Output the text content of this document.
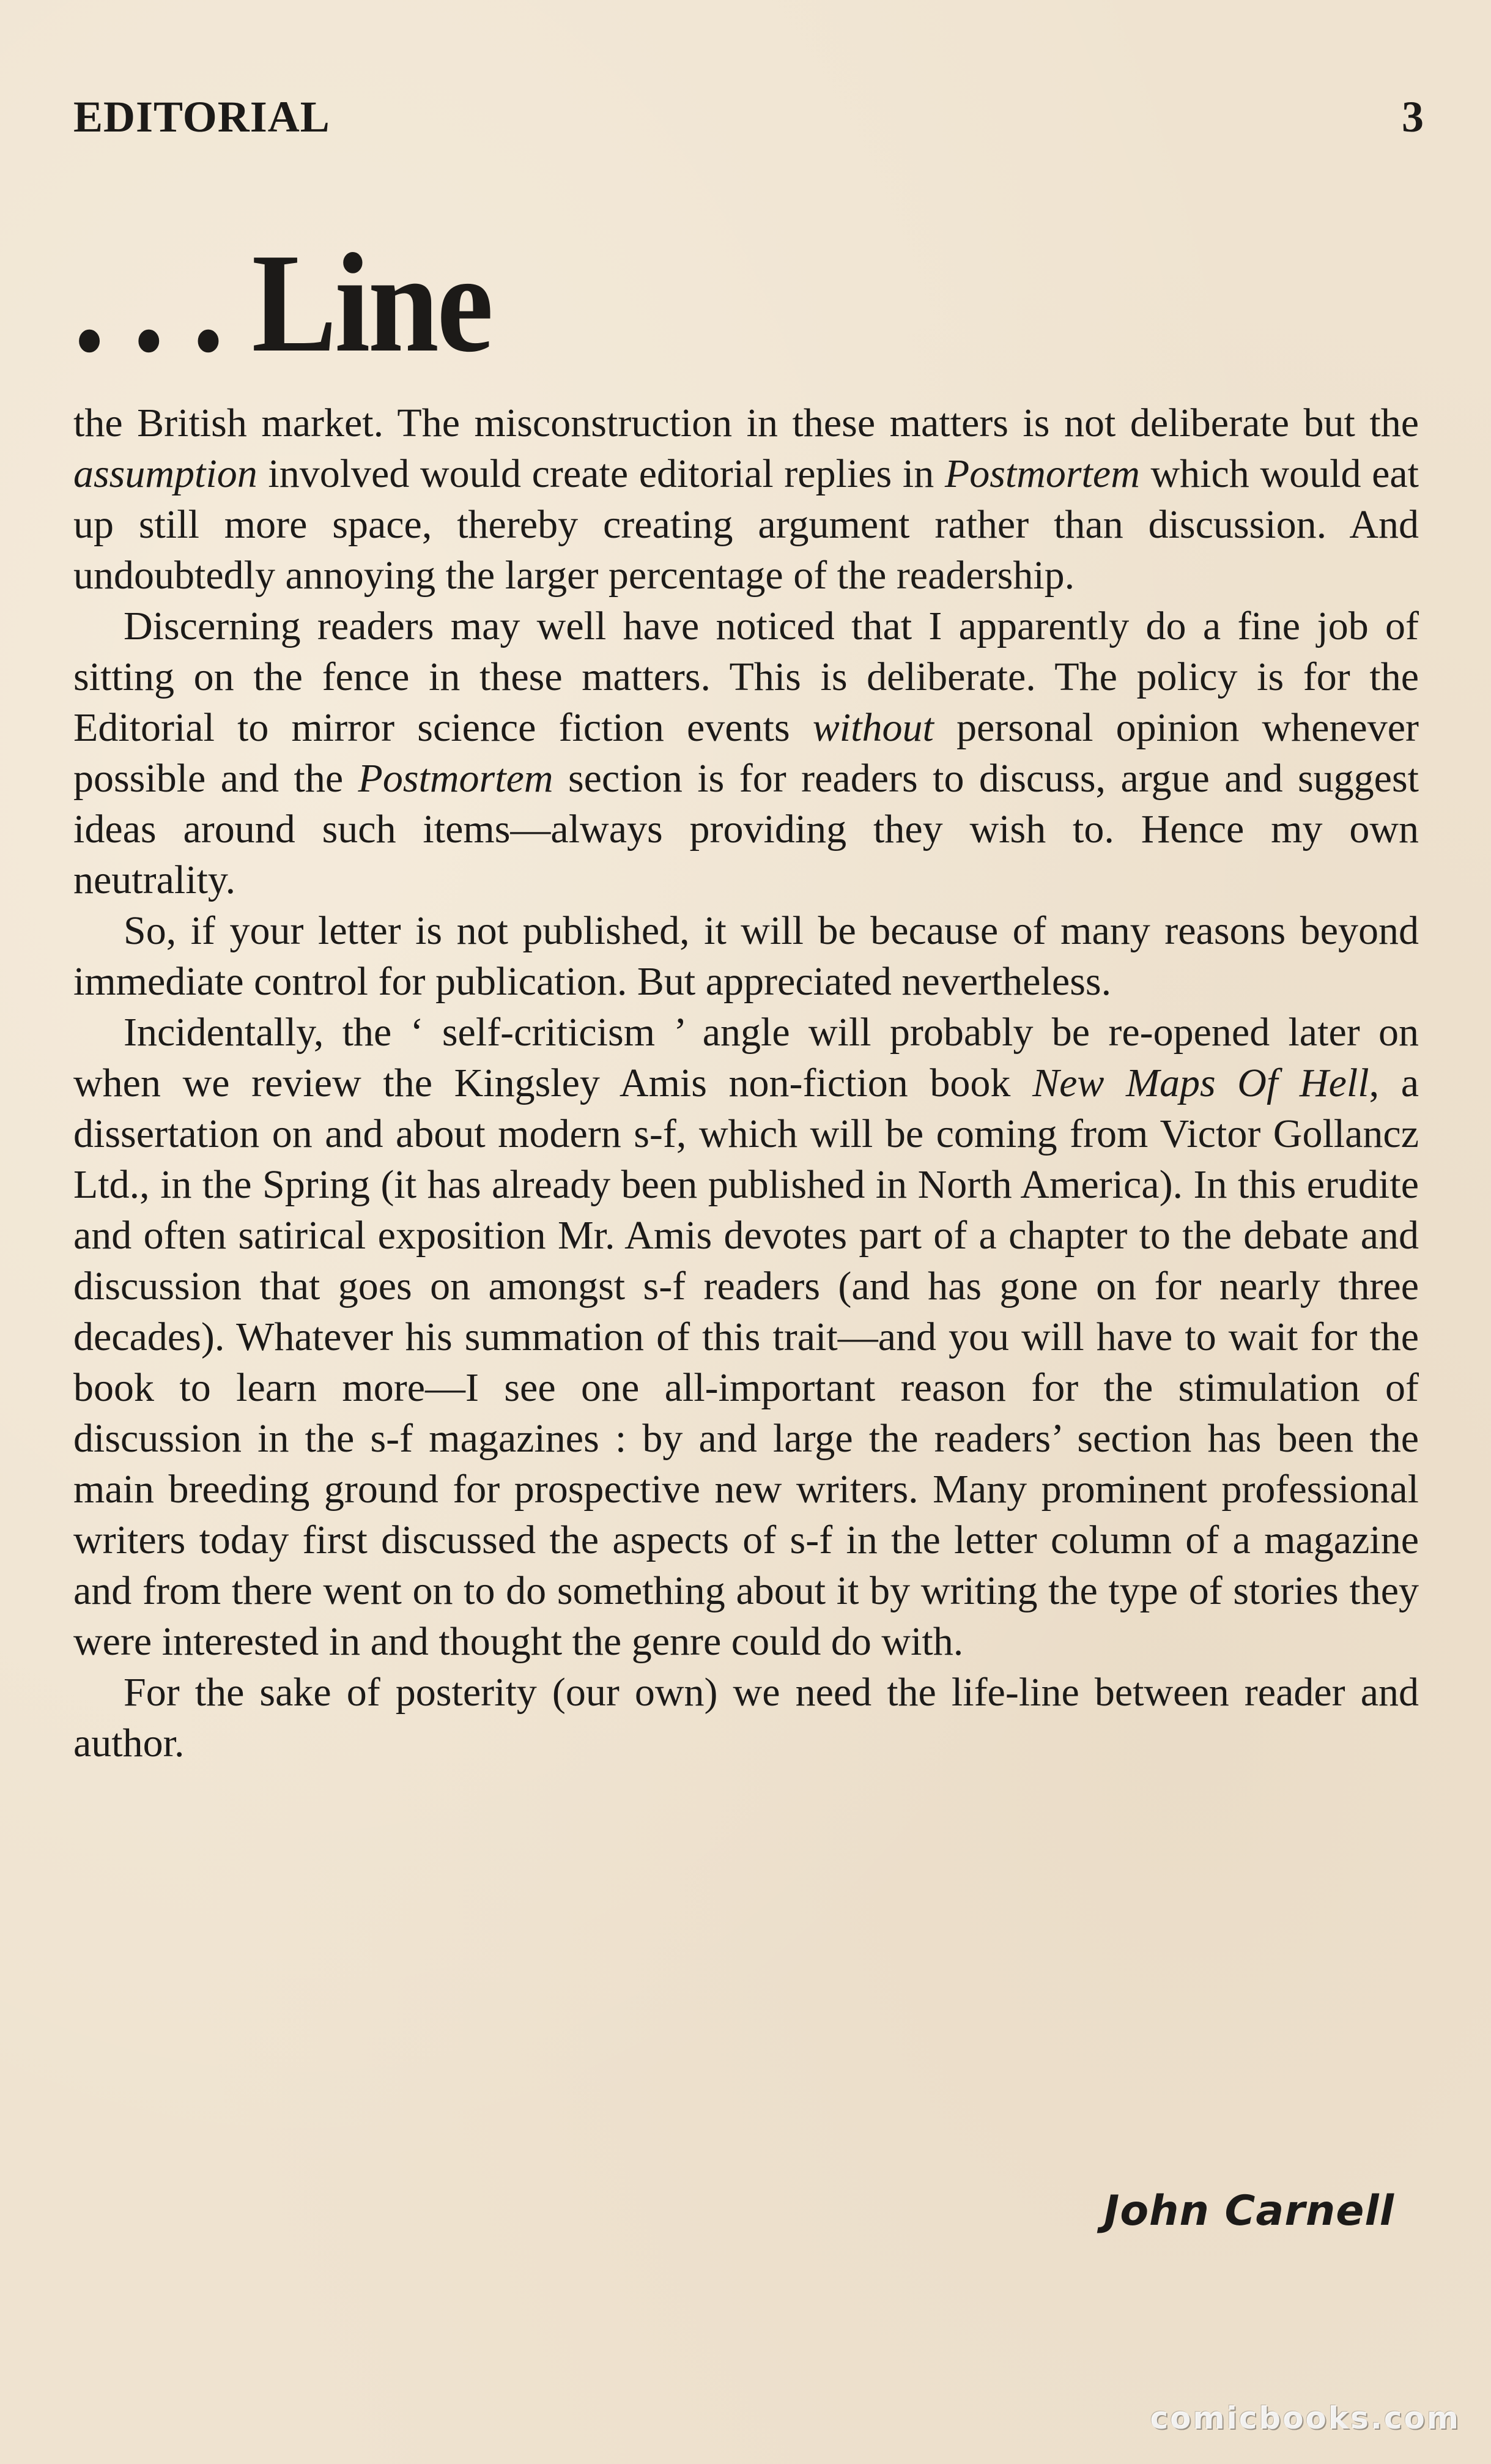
EDITORIAL	3
. . . Line

the British market. The misconstruction in these matters is not deliberate but the assumption involved would create editorial replies in Postmortem which would eat up still more space, thereby creating argument rather than discussion. And undoubtedly annoying the larger percentage of the readership.

Discerning readers may well have noticed that I apparently do a fine job of sitting on the fence in these matters. This is deliberate. The policy is for the Editorial to mirror science fiction events without personal opinion whenever possible and the Postmortem section is for readers to discuss, argue and suggest ideas around such items—always providing they wish to. Hence my own neutrality.

So, if your letter is not published, it will be because of many reasons beyond immediate control for publication. But appreciated nevertheless.

Incidentally, the ‘ self-criticism ’ angle will probably be re-opened later on when we review the Kingsley Amis non-fiction book New Maps Of Hell, a dissertation on and about modern s-f, which will be coming from Victor Gollancz Ltd., in the Spring (it has already been published in North America). In this erudite and often satirical exposition Mr. Amis devotes part of a chapter to the debate and discussion that goes on amongst s-f readers (and has gone on for nearly three decades). Whatever his summation of this trait—and you will have to wait for the book to learn more—I see one all-important reason for the stimulation of discussion in the s-f magazines : by and large the readers’ section has been the main breeding ground for prospective new writers. Many prominent professional writers today first discussed the aspects of s-f in the letter column of a magazine and from there went on to do something about it by writing the type of stories they were interested in and thought the genre could do with.

For the sake of posterity (our own) we need the life-line between reader and author.

John Carnell
comicbooks.com
